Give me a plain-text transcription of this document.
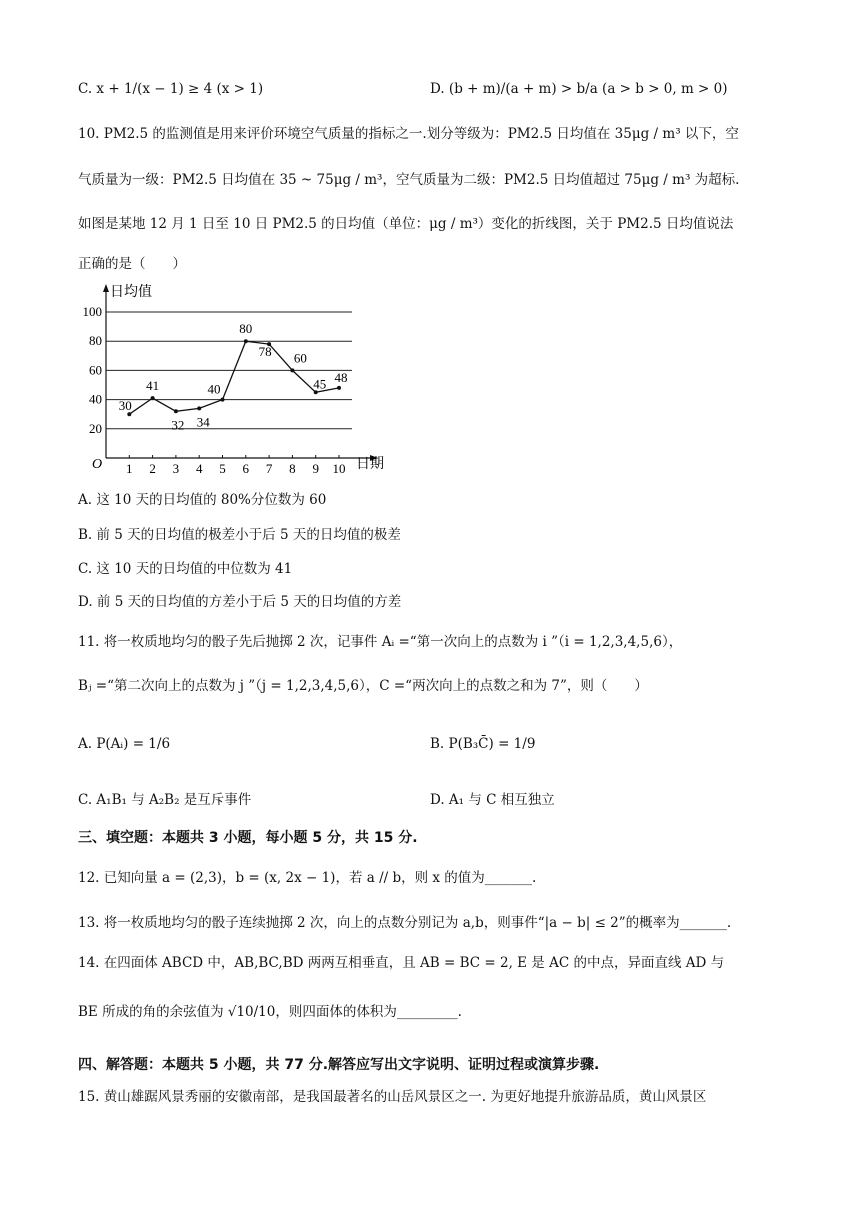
C. x + 1/(x − 1) ≥ 4 (x > 1)	D. (b + m)/(a + m) > b/a (a > b > 0, m > 0)
10. PM2.5 的监测值是用来评价环境空气质量的指标之一.划分等级为：PM2.5 日均值在 35μg / m³ 以下，空
气质量为一级：PM2.5 日均值在 35 ~ 75μg / m³，空气质量为二级：PM2.5 日均值超过 75μg / m³ 为超标.
如图是某地 12 月 1 日至 10 日 PM2.5 的日均值（单位：μg / m³）变化的折线图，关于 PM2.5 日均值说法
正确的是（　　）
20
40
60
80
100
日均值
日期
O 1 2 3 4 5 6 7 8 9 10
30
41
32 34
40
80
78 60
45 48
A. 这 10 天的日均值的 80%分位数为 60
B. 前 5 天的日均值的极差小于后 5 天的日均值的极差
C. 这 10 天的日均值的中位数为 41
D. 前 5 天的日均值的方差小于后 5 天的日均值的方差
11. 将一枚质地均匀的骰子先后抛掷 2 次，记事件 Aᵢ =“第一次向上的点数为 i ”（i = 1,2,3,4,5,6），
Bⱼ =“第二次向上的点数为 j ”（j = 1,2,3,4,5,6），C =“两次向上的点数之和为 7”，则（　　）
A. P(Aᵢ) = 1/6	B. P(B₃C̄) = 1/9
C. A₁B₁ 与 A₂B₂ 是互斥事件	D. A₁ 与 C 相互独立
三、填空题：本题共 3 小题，每小题 5 分，共 15 分.
12. 已知向量 a = (2,3)，b = (x, 2x − 1)，若 a // b，则 x 的值为_______.
13. 将一枚质地均匀的骰子连续抛掷 2 次，向上的点数分别记为 a,b，则事件“|a − b| ≤ 2”的概率为_______.
14. 在四面体 ABCD 中，AB,BC,BD 两两互相垂直，且 AB = BC = 2, E 是 AC 的中点，异面直线 AD 与
BE 所成的角的余弦值为 √10/10，则四面体的体积为_________.
四、解答题：本题共 5 小题，共 77 分.解答应写出文字说明、证明过程或演算步骤.
15. 黄山雄踞风景秀丽的安徽南部，是我国最著名的山岳风景区之一. 为更好地提升旅游品质，黄山风景区
